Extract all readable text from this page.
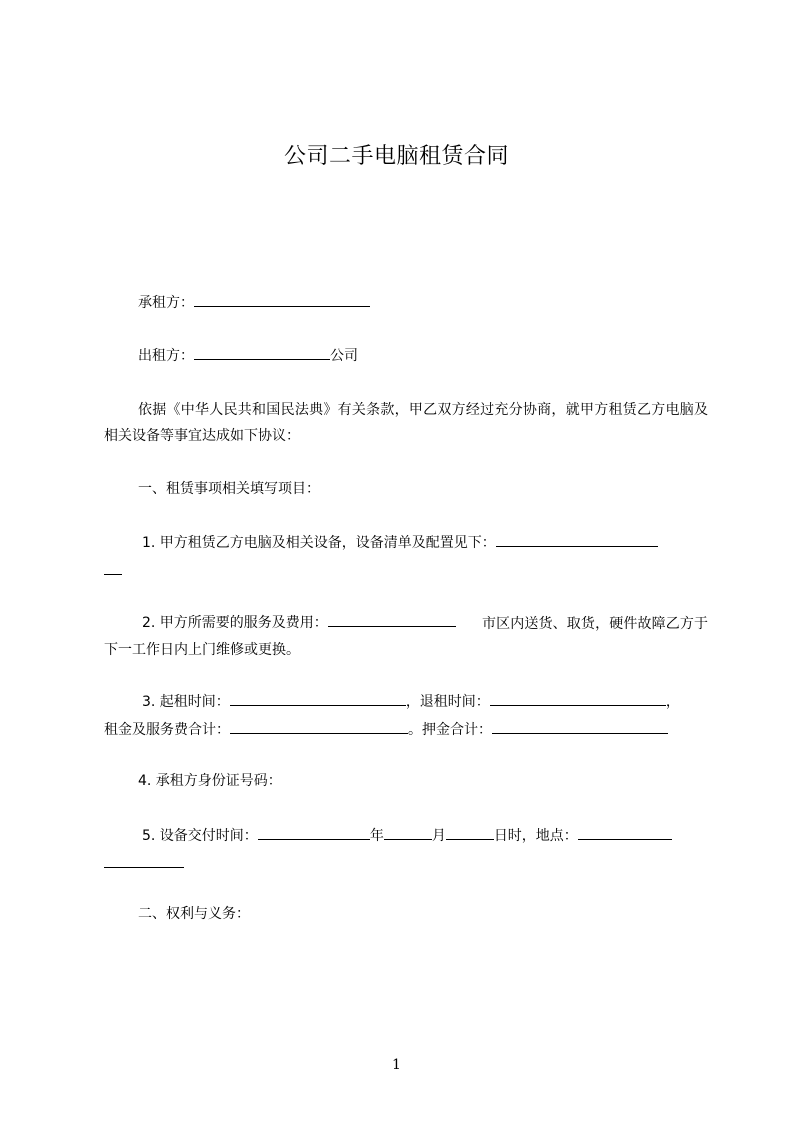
公司二手电脑租赁合同
承租方：
出租方：	公司
依据《中华人民共和国民法典》有关条款，甲乙双方经过充分协商，就甲方租赁乙方电脑及相关设备等事宜达成如下协议：
一、租赁事项相关填写项目：
1. 甲方租赁乙方电脑及相关设备，设备清单及配置见下：
2. 甲方所需要的服务及费用：	市区内送货、取货，硬件故障乙方于下一工作日内上门维修或更换。
3. 起租时间：	，退租时间：	，
租金及服务费合计：	。押金合计：
4. 承租方身份证号码：
5. 设备交付时间：	年	月	日时，地点：
二、权利与义务：
1
